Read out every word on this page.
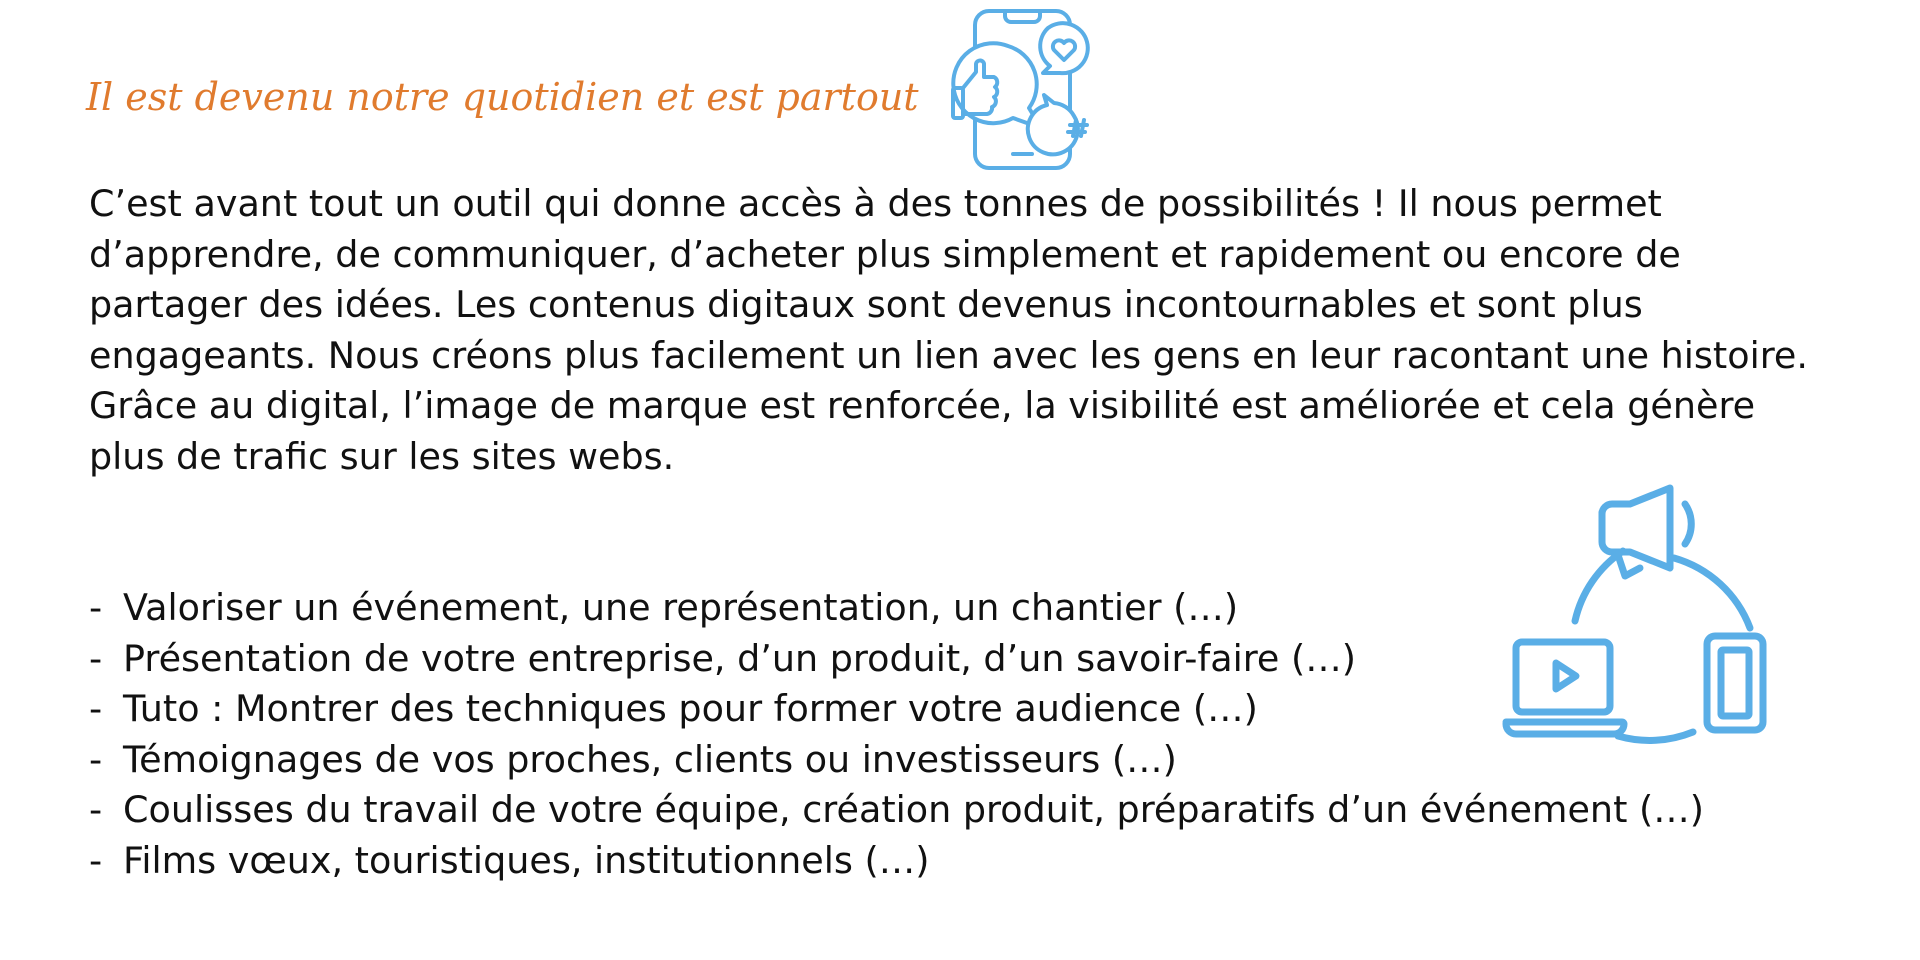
Il est devenu notre quotidien et est partout
C’est avant tout un outil qui donne accès à des tonnes de possibilités ! Il nous permet
d’apprendre, de communiquer, d’acheter plus simplement et rapidement ou encore de
partager des idées. Les contenus digitaux sont devenus incontournables et sont plus
engageants. Nous créons plus facilement un lien avec les gens en leur racontant une histoire.
Grâce au digital, l’image de marque est renforcée, la visibilité est améliorée et cela génère
plus de trafic sur les sites webs.
- Valoriser un événement, une représentation, un chantier (…)
- Présentation de votre entreprise, d’un produit, d’un savoir-faire (…)
- Tuto : Montrer des techniques pour former votre audience (…)
- Témoignages de vos proches, clients ou investisseurs (…)
- Coulisses du travail de votre équipe, création produit, préparatifs d’un événement (…)
- Films vœux, touristiques, institutionnels (…)
